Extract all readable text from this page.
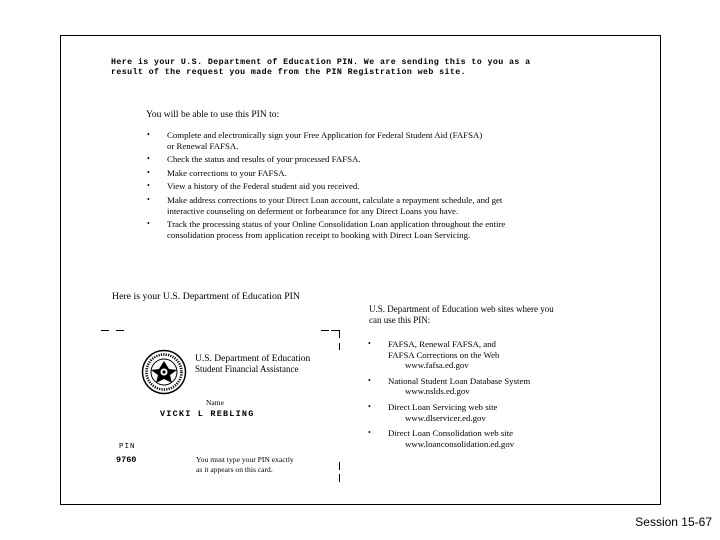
Here is your U.S. Department of Education PIN. We are sending this to you as a
result of the request you made from the PIN Registration web site.
You will be able to use this PIN to:
• Complete and electronically sign your Free Application for Federal Student Aid (FAFSA)
or Renewal FAFSA.
• Check the status and results of your processed FAFSA.
• Make corrections to your FAFSA.
• View a history of the Federal student aid you received.
• Make address corrections to your Direct Loan account, calculate a repayment schedule, and get
interactive counseling on deferment or forbearance for any Direct Loans you have.
• Track the processing status of your Online Consolidation Loan application throughout the entire
consolidation process from application receipt to booking with Direct Loan Servicing.
Here is your U.S. Department of Education PIN
U.S. Department of Education
Student Financial Assistance
Name
VICKI L REBLING
PIN
9760	You must type your PIN exactly
as it appears on this card.
U.S. Department of Education web sites where you
can use this PIN:
• FAFSA, Renewal FAFSA, and
FAFSA Corrections on the Web
www.fafsa.ed.gov
• National Student Loan Database System
www.nslds.ed.gov
• Direct Loan Servicing web site
www.dlservicer.ed.gov
• Direct Loan Consolidation web site
www.loanconsolidation.ed.gov
Session 15-67
